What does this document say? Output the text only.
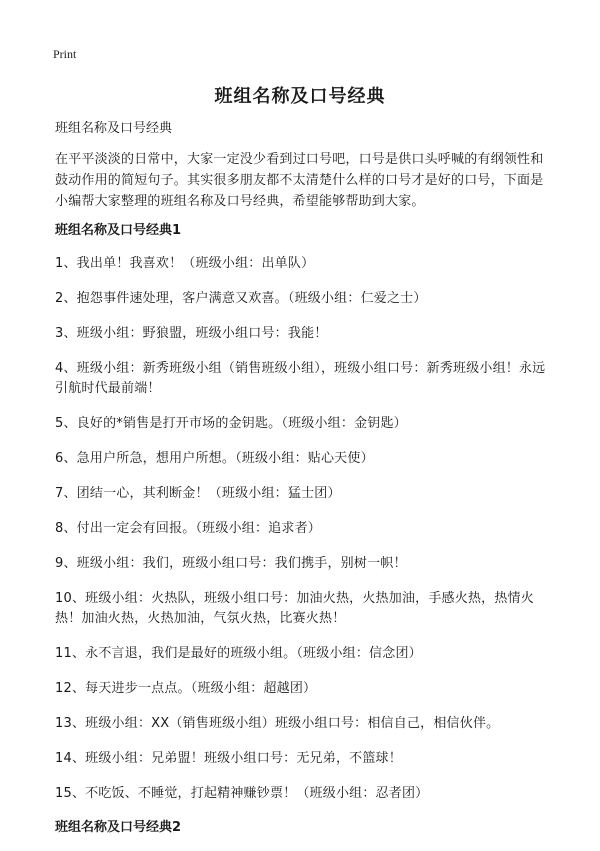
Print
班组名称及口号经典

班组名称及口号经典

在平平淡淡的日常中，大家一定没少看到过口号吧，口号是供口头呼喊的有纲领性和鼓动作用的简短句子。其实很多朋友都不太清楚什么样的口号才是好的口号，下面是小编帮大家整理的班组名称及口号经典，希望能够帮助到大家。

班组名称及口号经典1

1、我出单！我喜欢！（班级小组：出单队）

2、抱怨事件速处理，客户满意又欢喜。（班级小组：仁爱之士）

3、班级小组：野狼盟，班级小组口号：我能！

4、班级小组：新秀班级小组（销售班级小组），班级小组口号：新秀班级小组！永远引航时代最前端！

5、良好的*销售是打开市场的金钥匙。（班级小组：金钥匙）

6、急用户所急，想用户所想。（班级小组：贴心天使）

7、团结一心，其利断金！（班级小组：猛士团）

8、付出一定会有回报。（班级小组：追求者）

9、班级小组：我们，班级小组口号：我们携手，别树一帜！

10、班级小组：火热队，班级小组口号：加油火热，火热加油，手感火热，热情火热！加油火热，火热加油，气氛火热，比赛火热！

11、永不言退，我们是最好的班级小组。（班级小组：信念团）

12、每天进步一点点。（班级小组：超越团）

13、班级小组：XX（销售班级小组）班级小组口号：相信自己，相信伙伴。

14、班级小组：兄弟盟！班级小组口号：无兄弟，不篮球！

15、不吃饭、不睡觉，打起精神赚钞票！（班级小组：忍者团）

班组名称及口号经典2
